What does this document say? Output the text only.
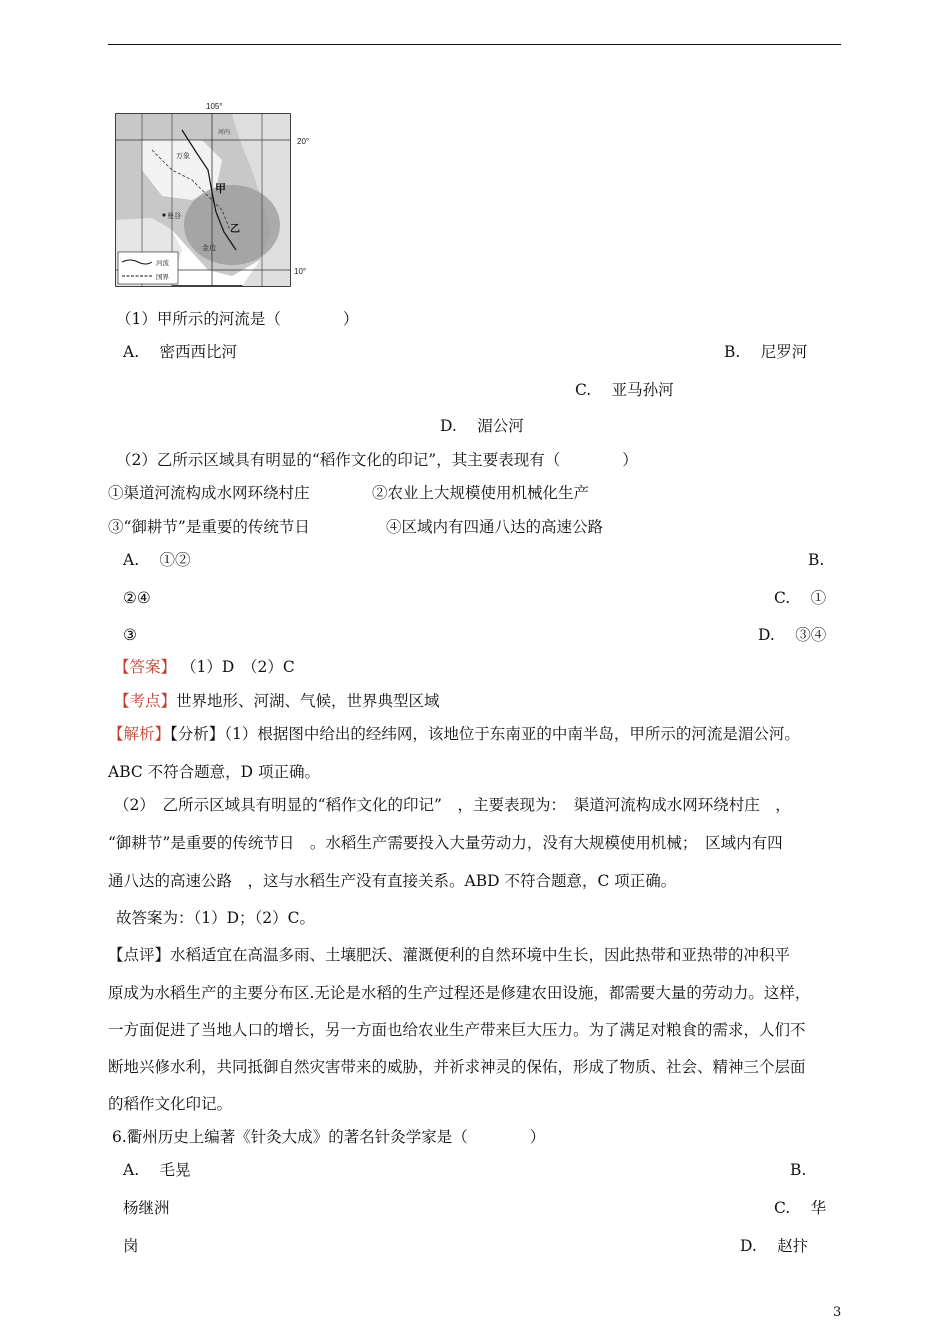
105°
20°
10°
河内
万象
曼谷
金边
甲
乙
河流
国界
（1）甲所示的河流是（　　　　）
A.　 密西西比河	B.　 尼罗河
C.　 亚马孙河
D.　 湄公河
（2）乙所示区域具有明显的“稻作文化的印记”，其主要表现有（　　　　）
①渠道河流构成水网环绕村庄	②农业上大规模使用机械化生产
③“御耕节”是重要的传统节日	④区域内有四通八达的高速公路
A.　 ①②	B.
②④	C.　 ①
③	D.　 ③④
【答案】 （1）D　（2）C
【考点】世界地形、河湖、气候，世界典型区域
【解析】【分析】（1）根据图中给出的经纬网，该地位于东南亚的中南半岛，甲所示的河流是湄公河。
ABC 不符合题意，D 项正确。
（2）　乙所示区域具有明显的“稻作文化的印记”　，主要表现为：　渠道河流构成水网环绕村庄　，
“御耕节”是重要的传统节日　。水稻生产需要投入大量劳动力，没有大规模使用机械；　区域内有四
通八达的高速公路　，这与水稻生产没有直接关系。ABD 不符合题意，C 项正确。
故答案为：（1）D；（2）C。
【点评】水稻适宜在高温多雨、土壤肥沃、灌溉便利的自然环境中生长，因此热带和亚热带的冲积平
原成为水稻生产的主要分布区.无论是水稻的生产过程还是修建农田设施，都需要大量的劳动力。这样，
一方面促进了当地人口的增长，另一方面也给农业生产带来巨大压力。为了满足对粮食的需求，人们不
断地兴修水利，共同抵御自然灾害带来的威胁，并祈求神灵的保佑，形成了物质、社会、精神三个层面
的稻作文化印记。
6.衢州历史上编著《针灸大成》的著名针灸学家是（　　　　）
A.　 毛晃	B.
杨继洲	C.　 华
岗	D.　 赵抃
3
